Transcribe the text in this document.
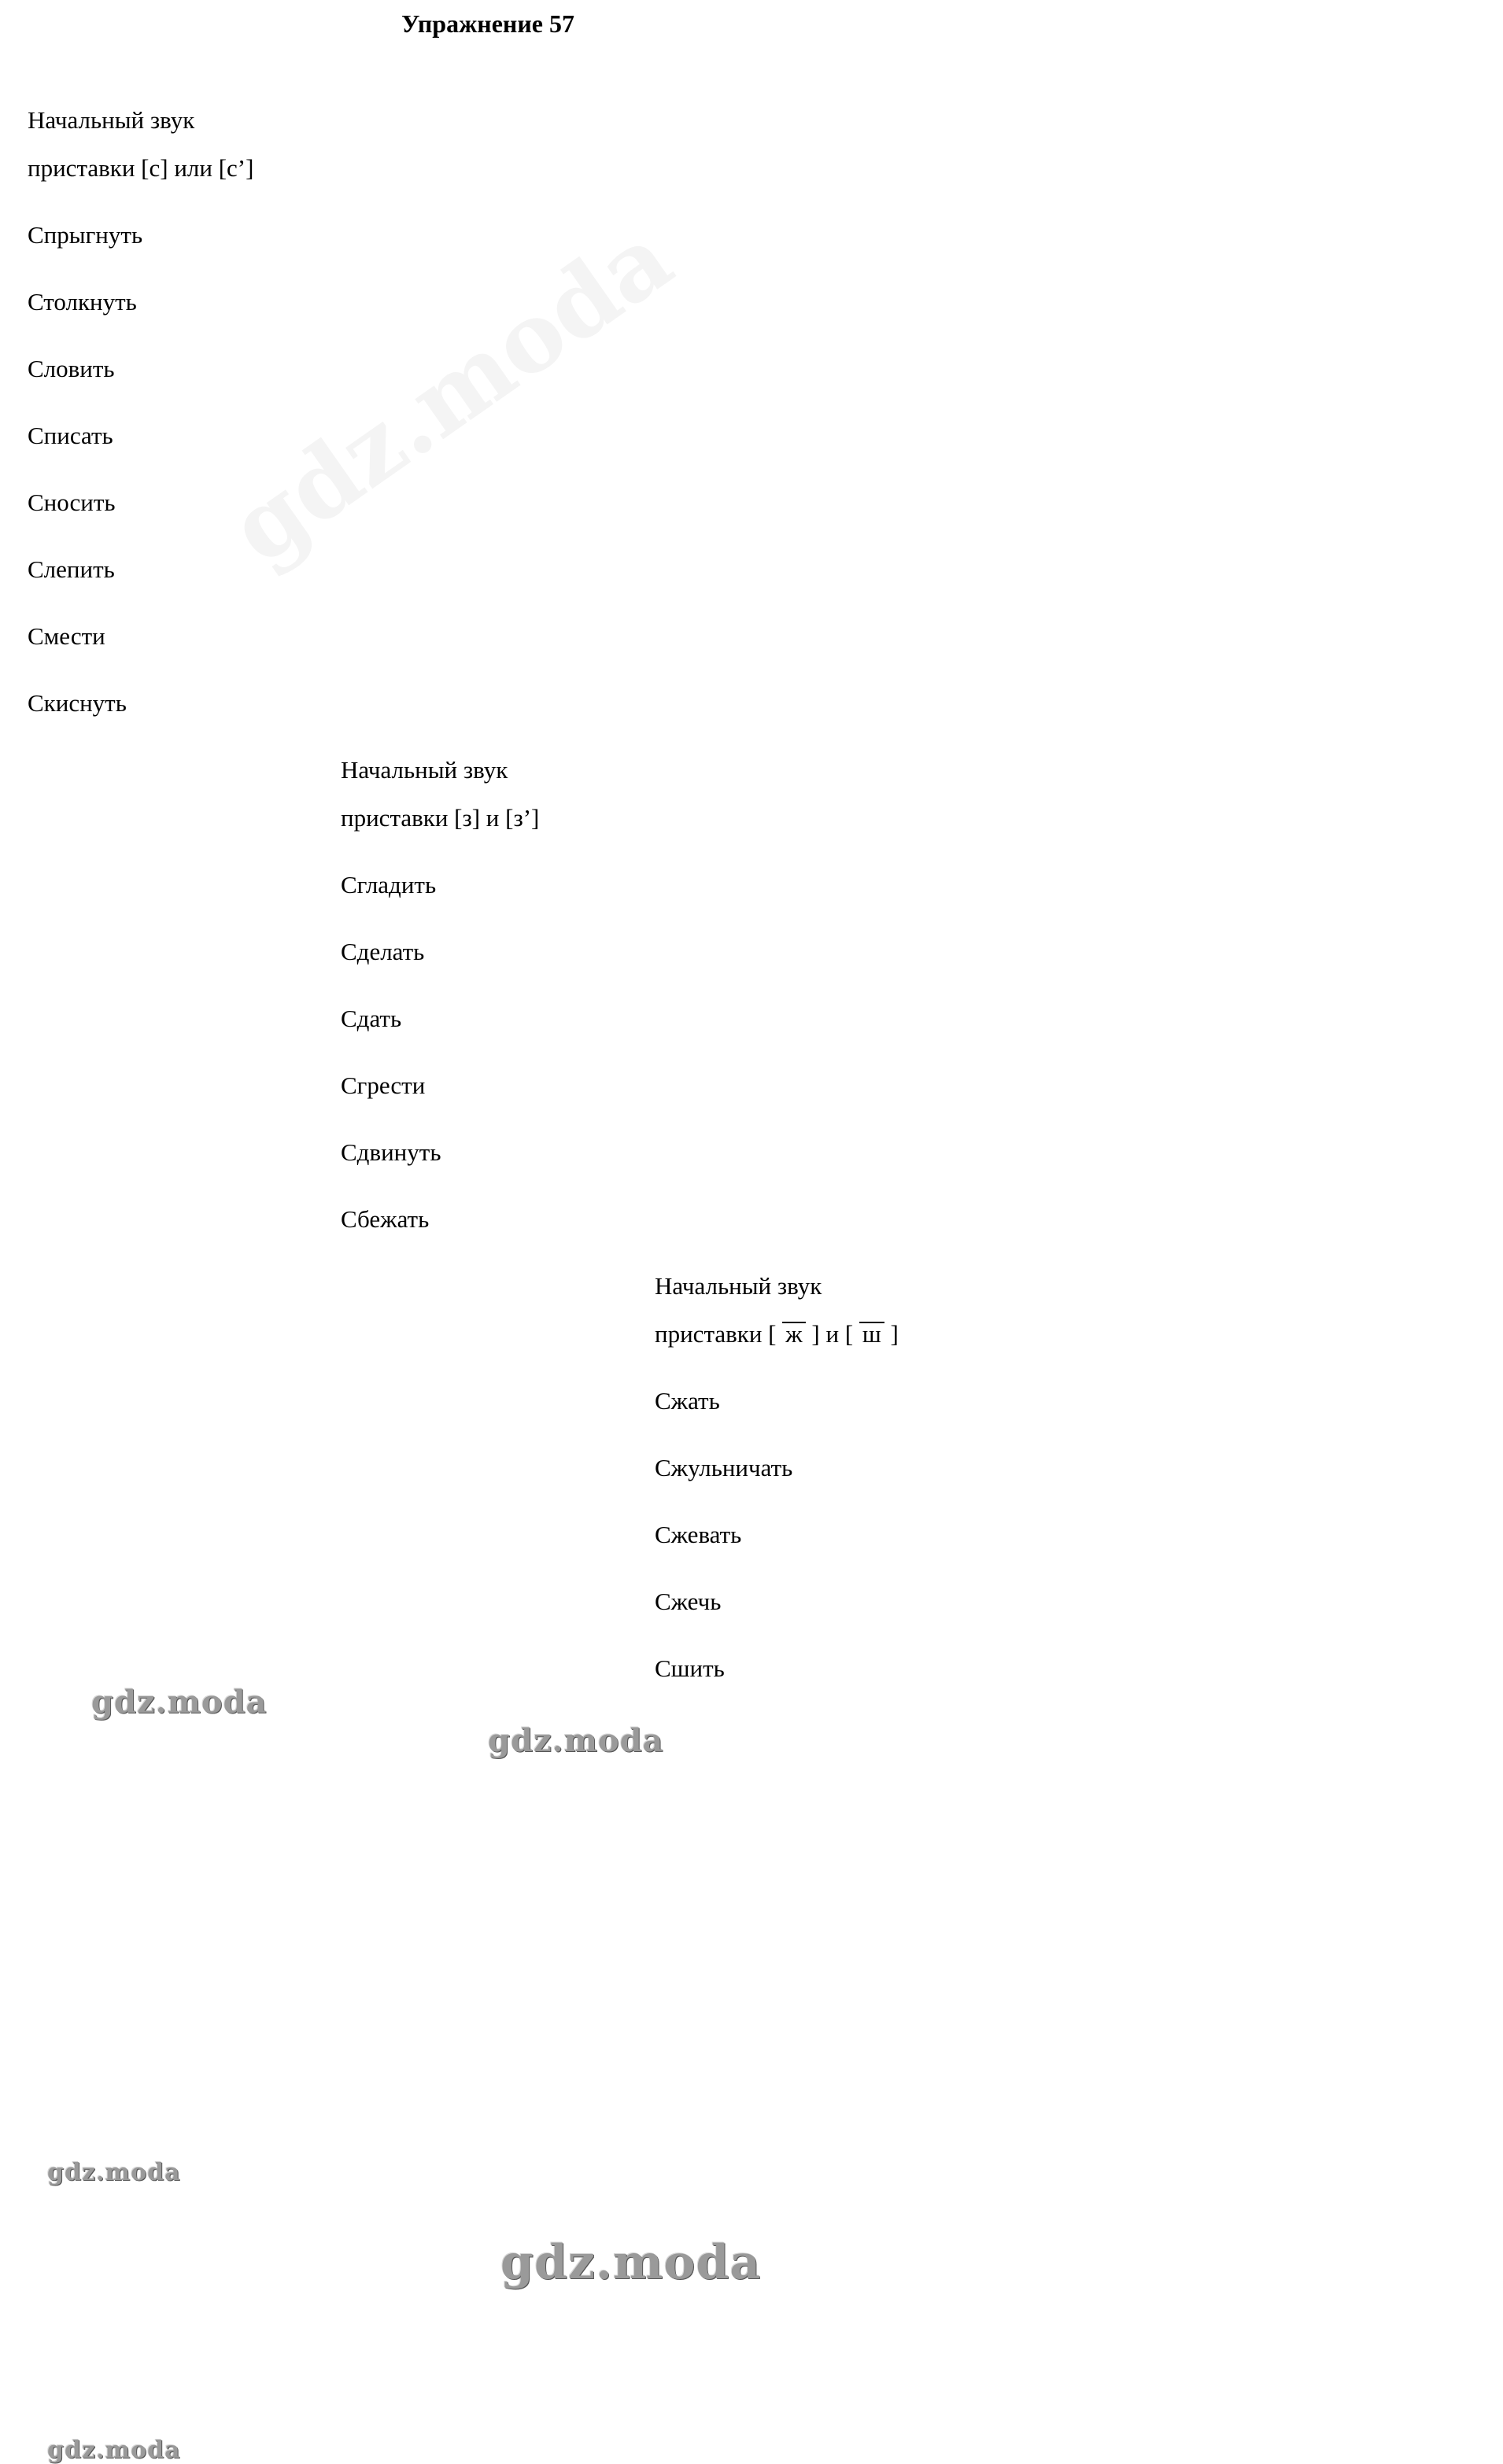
gdz.moda
Упражнение 57
Начальный звук
приставки [с] или [с’]
Спрыгнуть
Столкнуть
Словить
Списать
Сносить
Слепить
Смести
Скиснуть
Начальный звук
приставки [з] и [з’]
Сгладить
Сделать
Сдать
Сгрести
Сдвинуть
Сбежать
Начальный звук
приставки [ ж ] и [ ш ]
Сжать
Сжульничать
Сжевать
Сжечь
Сшить
gdz.moda
gdz.moda
gdz.moda
gdz.moda
gdz.moda
